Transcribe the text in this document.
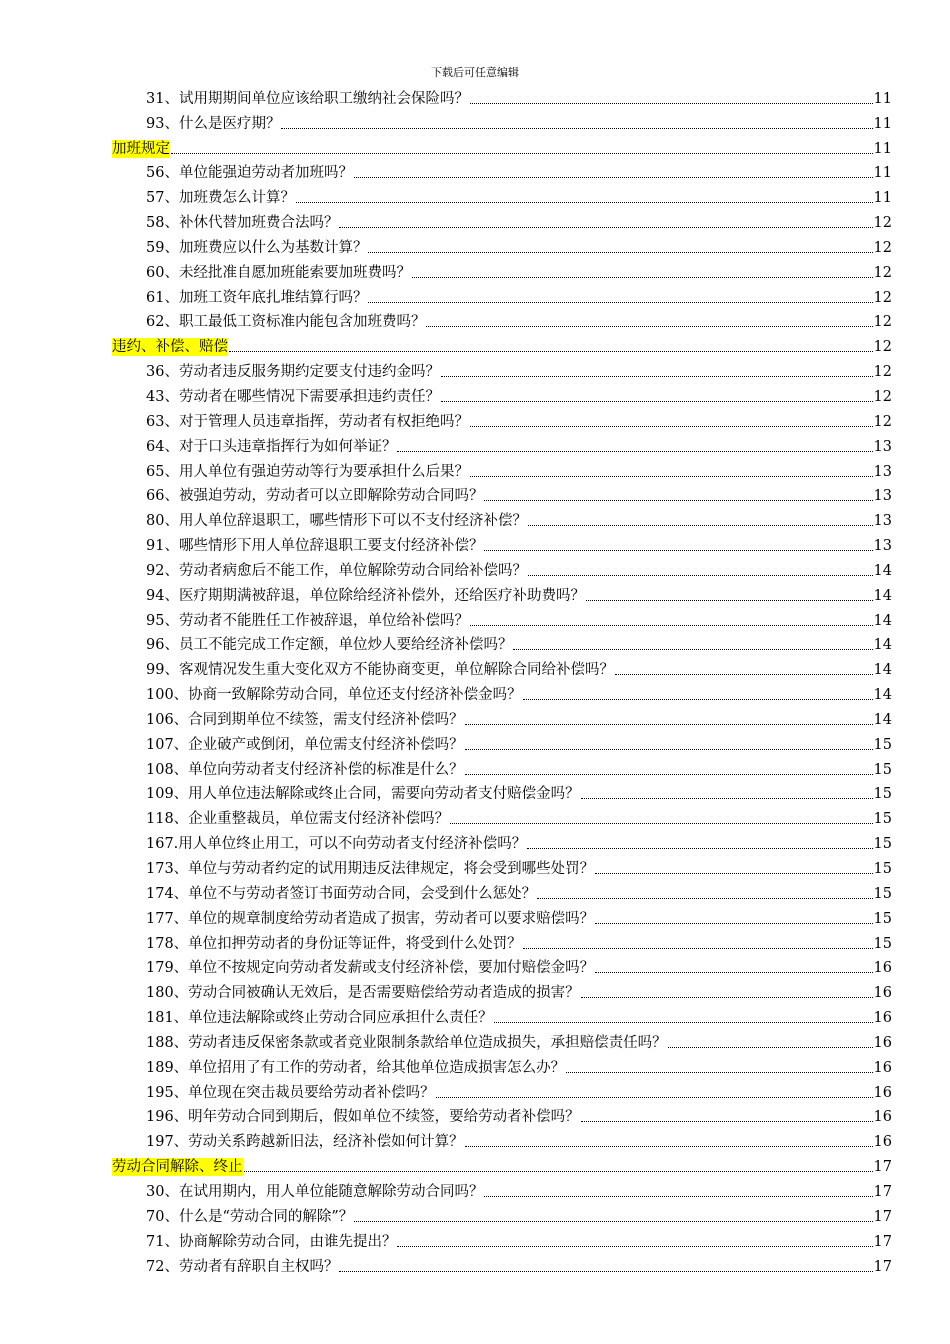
下载后可任意编辑
31、试用期期间单位应该给职工缴纳社会保险吗？	11
93、什么是医疗期？	11
加班规定	11
56、单位能强迫劳动者加班吗？	11
57、加班费怎么计算？	11
58、补休代替加班费合法吗？	12
59、加班费应以什么为基数计算？	12
60、未经批准自愿加班能索要加班费吗？	12
61、加班工资年底扎堆结算行吗？	12
62、职工最低工资标准内能包含加班费吗？	12
违约、补偿、赔偿	12
36、劳动者违反服务期约定要支付违约金吗？	12
43、劳动者在哪些情况下需要承担违约责任？	12
63、对于管理人员违章指挥，劳动者有权拒绝吗？	12
64、对于口头违章指挥行为如何举证？	13
65、用人单位有强迫劳动等行为要承担什么后果？	13
66、被强迫劳动，劳动者可以立即解除劳动合同吗？	13
80、用人单位辞退职工，哪些情形下可以不支付经济补偿？	13
91、哪些情形下用人单位辞退职工要支付经济补偿？	13
92、劳动者病愈后不能工作，单位解除劳动合同给补偿吗？	14
94、医疗期期满被辞退，单位除给经济补偿外，还给医疗补助费吗？	14
95、劳动者不能胜任工作被辞退，单位给补偿吗？	14
96、员工不能完成工作定额，单位炒人要给经济补偿吗？	14
99、客观情况发生重大变化双方不能协商变更，单位解除合同给补偿吗？	14
100、协商一致解除劳动合同，单位还支付经济补偿金吗？	14
106、合同到期单位不续签，需支付经济补偿吗？	14
107、企业破产或倒闭，单位需支付经济补偿吗？	15
108、单位向劳动者支付经济补偿的标准是什么？	15
109、用人单位违法解除或终止合同，需要向劳动者支付赔偿金吗？	15
118、企业重整裁员，单位需支付经济补偿吗？	15
167.用人单位终止用工，可以不向劳动者支付经济补偿吗？	15
173、单位与劳动者约定的试用期违反法律规定，将会受到哪些处罚？	15
174、单位不与劳动者签订书面劳动合同，会受到什么惩处？	15
177、单位的规章制度给劳动者造成了损害，劳动者可以要求赔偿吗？	15
178、单位扣押劳动者的身份证等证件，将受到什么处罚？	15
179、单位不按规定向劳动者发薪或支付经济补偿，要加付赔偿金吗？	16
180、劳动合同被确认无效后，是否需要赔偿给劳动者造成的损害？	16
181、单位违法解除或终止劳动合同应承担什么责任？	16
188、劳动者违反保密条款或者竞业限制条款给单位造成损失，承担赔偿责任吗？	16
189、单位招用了有工作的劳动者，给其他单位造成损害怎么办？	16
195、单位现在突击裁员要给劳动者补偿吗？	16
196、明年劳动合同到期后，假如单位不续签，要给劳动者补偿吗？	16
197、劳动关系跨越新旧法，经济补偿如何计算？	16
劳动合同解除、终止	17
30、在试用期内，用人单位能随意解除劳动合同吗？	17
70、什么是“劳动合同的解除”？	17
71、协商解除劳动合同，由谁先提出？	17
72、劳动者有辞职自主权吗？	17
